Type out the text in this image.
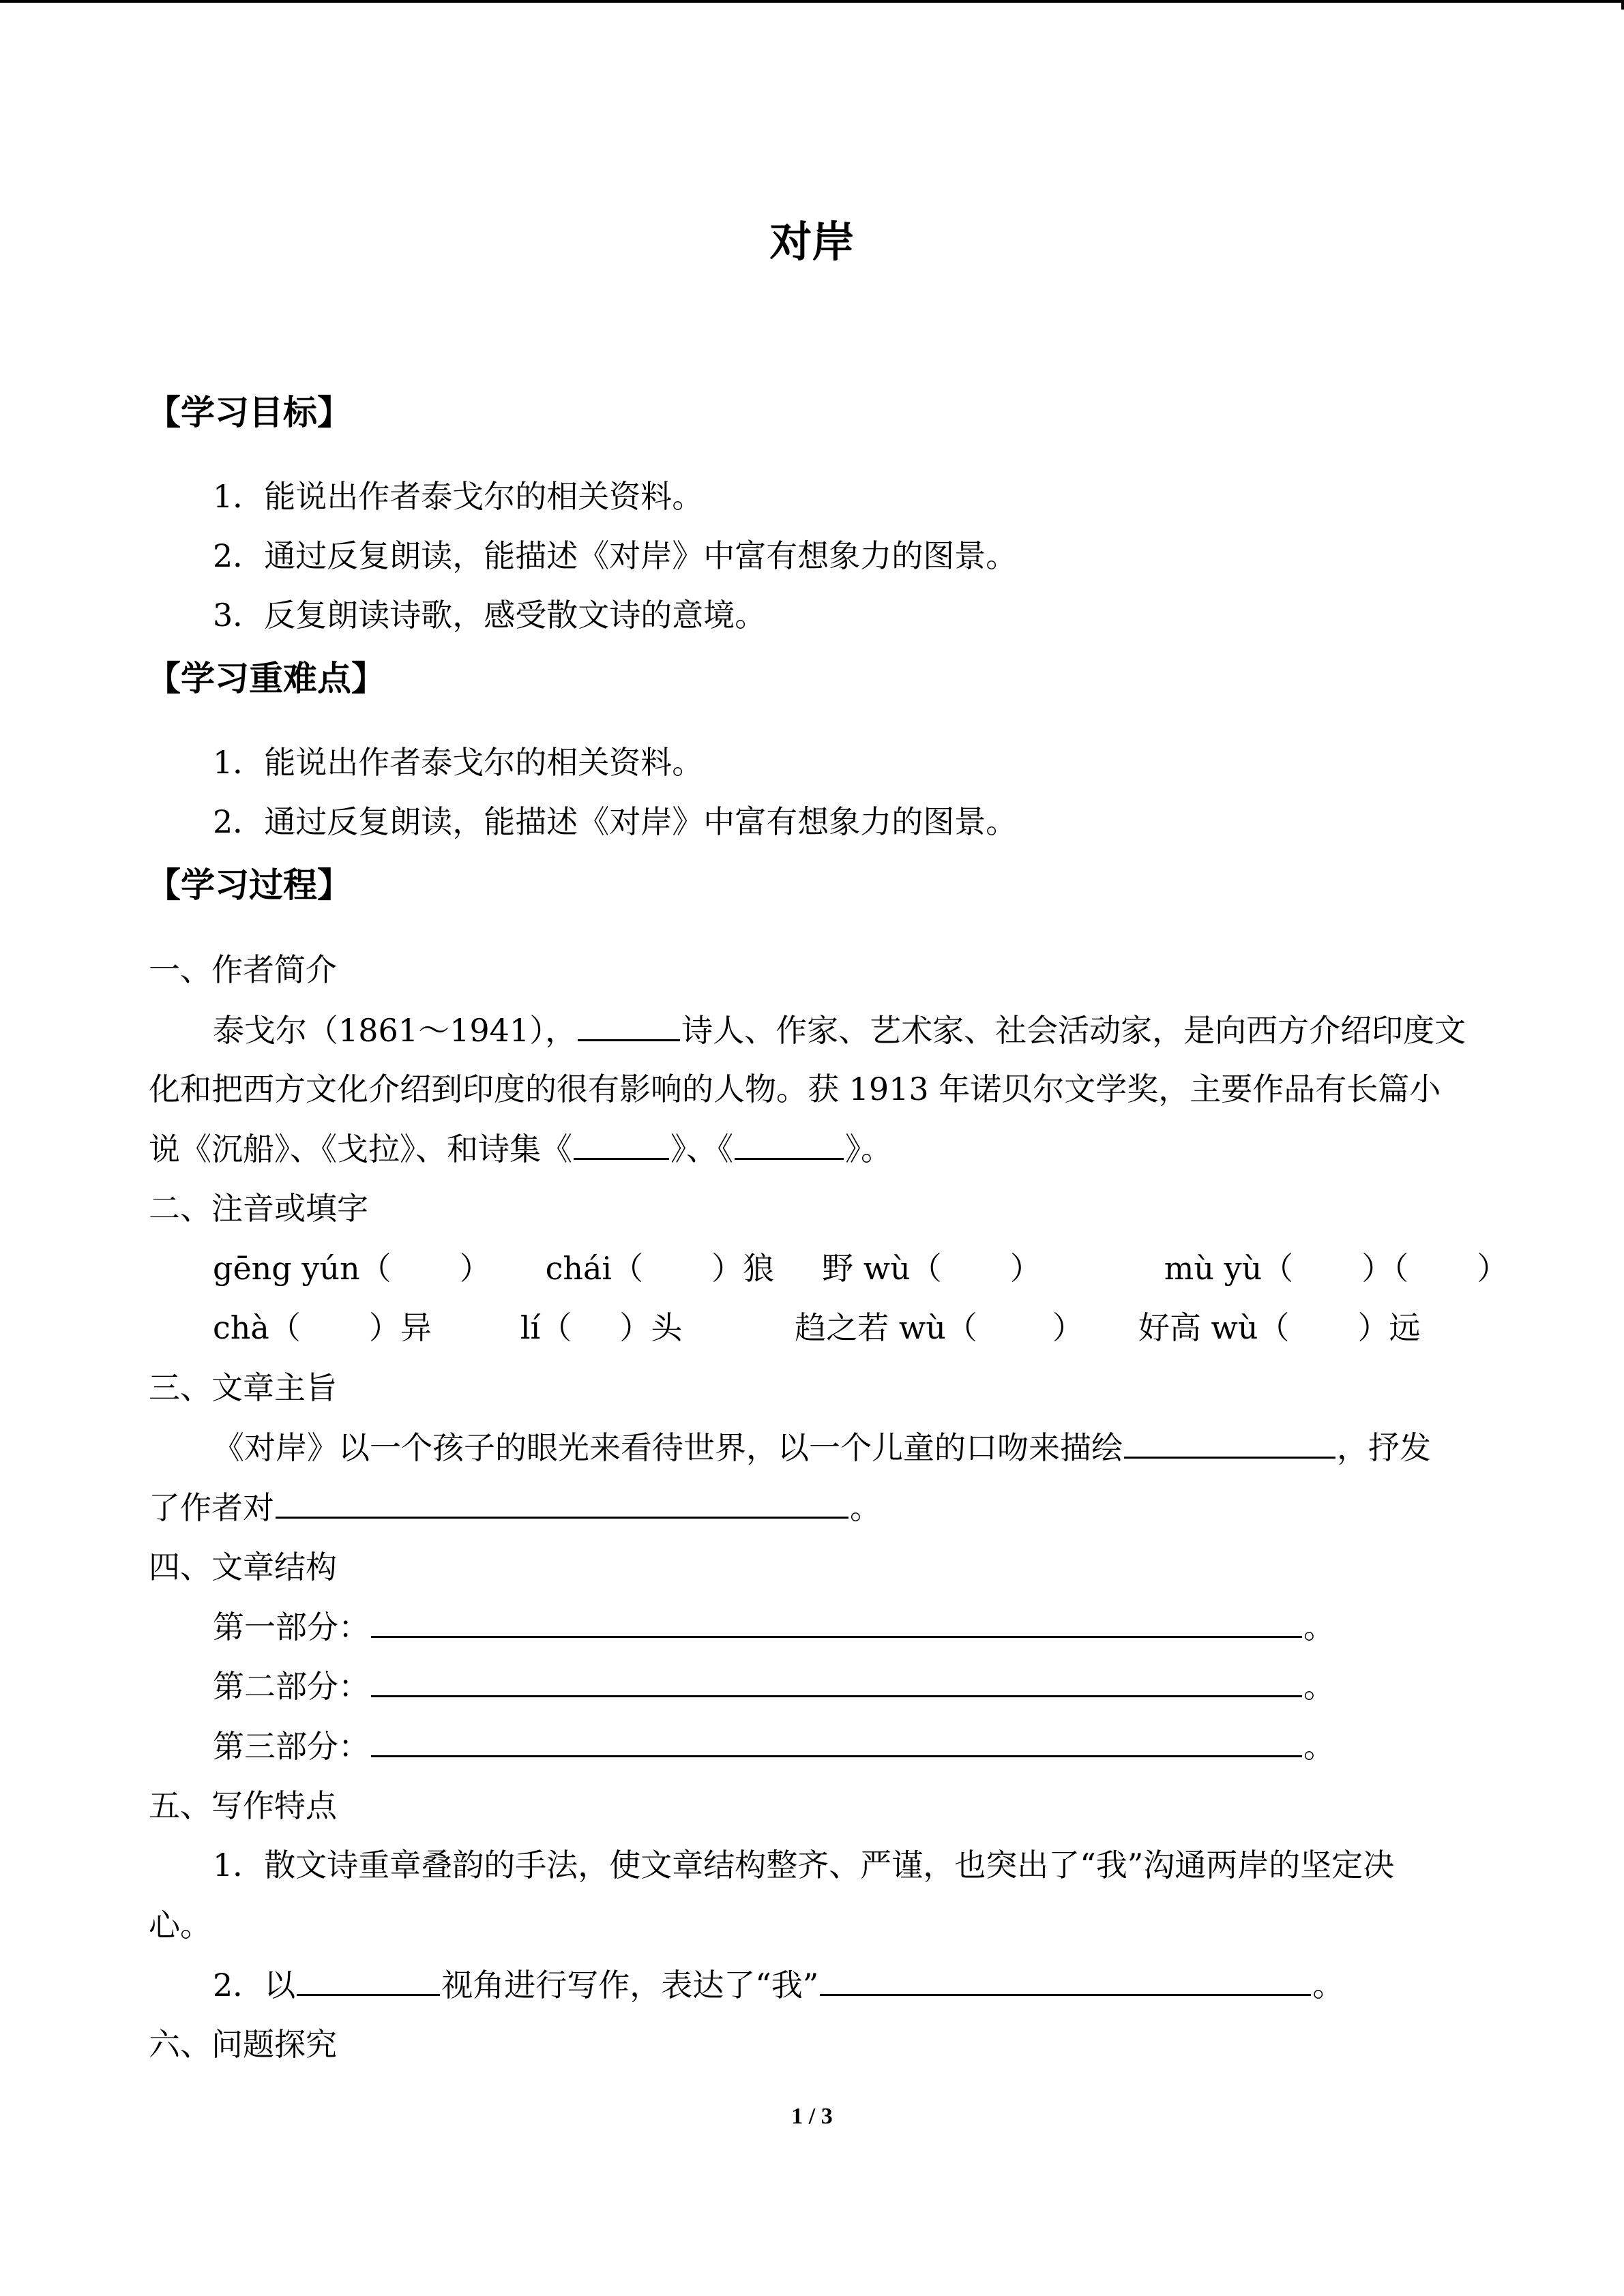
对岸
【学习目标】
1．能说出作者泰戈尔的相关资料。
2．通过反复朗读，能描述《对岸》中富有想象力的图景。
3．反复朗读诗歌，感受散文诗的意境。
【学习重难点】
1．能说出作者泰戈尔的相关资料。
2．通过反复朗读，能描述《对岸》中富有想象力的图景。
【学习过程】
一、作者简介
泰戈尔（1861～1941），	诗人、作家、艺术家、社会活动家，是向西方介绍印度文
化和把西方文化介绍到印度的很有影响的人物。获 1913 年诺贝尔文学奖，主要作品有长篇小
说《沉船》、《戈拉》、和诗集《	》、《	》。
二、注音或填字
gēng yún（ ） chái（ ）狼 野 wù（ ）	mù yù（ ）（ ）
chà（ ）异	lí（ ）头	趋之若 wù（ ） 好高 wù（ ）远
三、文章主旨
《对岸》以一个孩子的眼光来看待世界，以一个儿童的口吻来描绘	，抒发
了作者对	。
四、文章结构
第一部分：	。
第二部分：	。
第三部分：	。
五、写作特点
1．散文诗重章叠韵的手法，使文章结构整齐、严谨，也突出了“我”沟通两岸的坚定决
心。
2．以	视角进行写作，表达了“我”	。
六、问题探究
1 / 3
